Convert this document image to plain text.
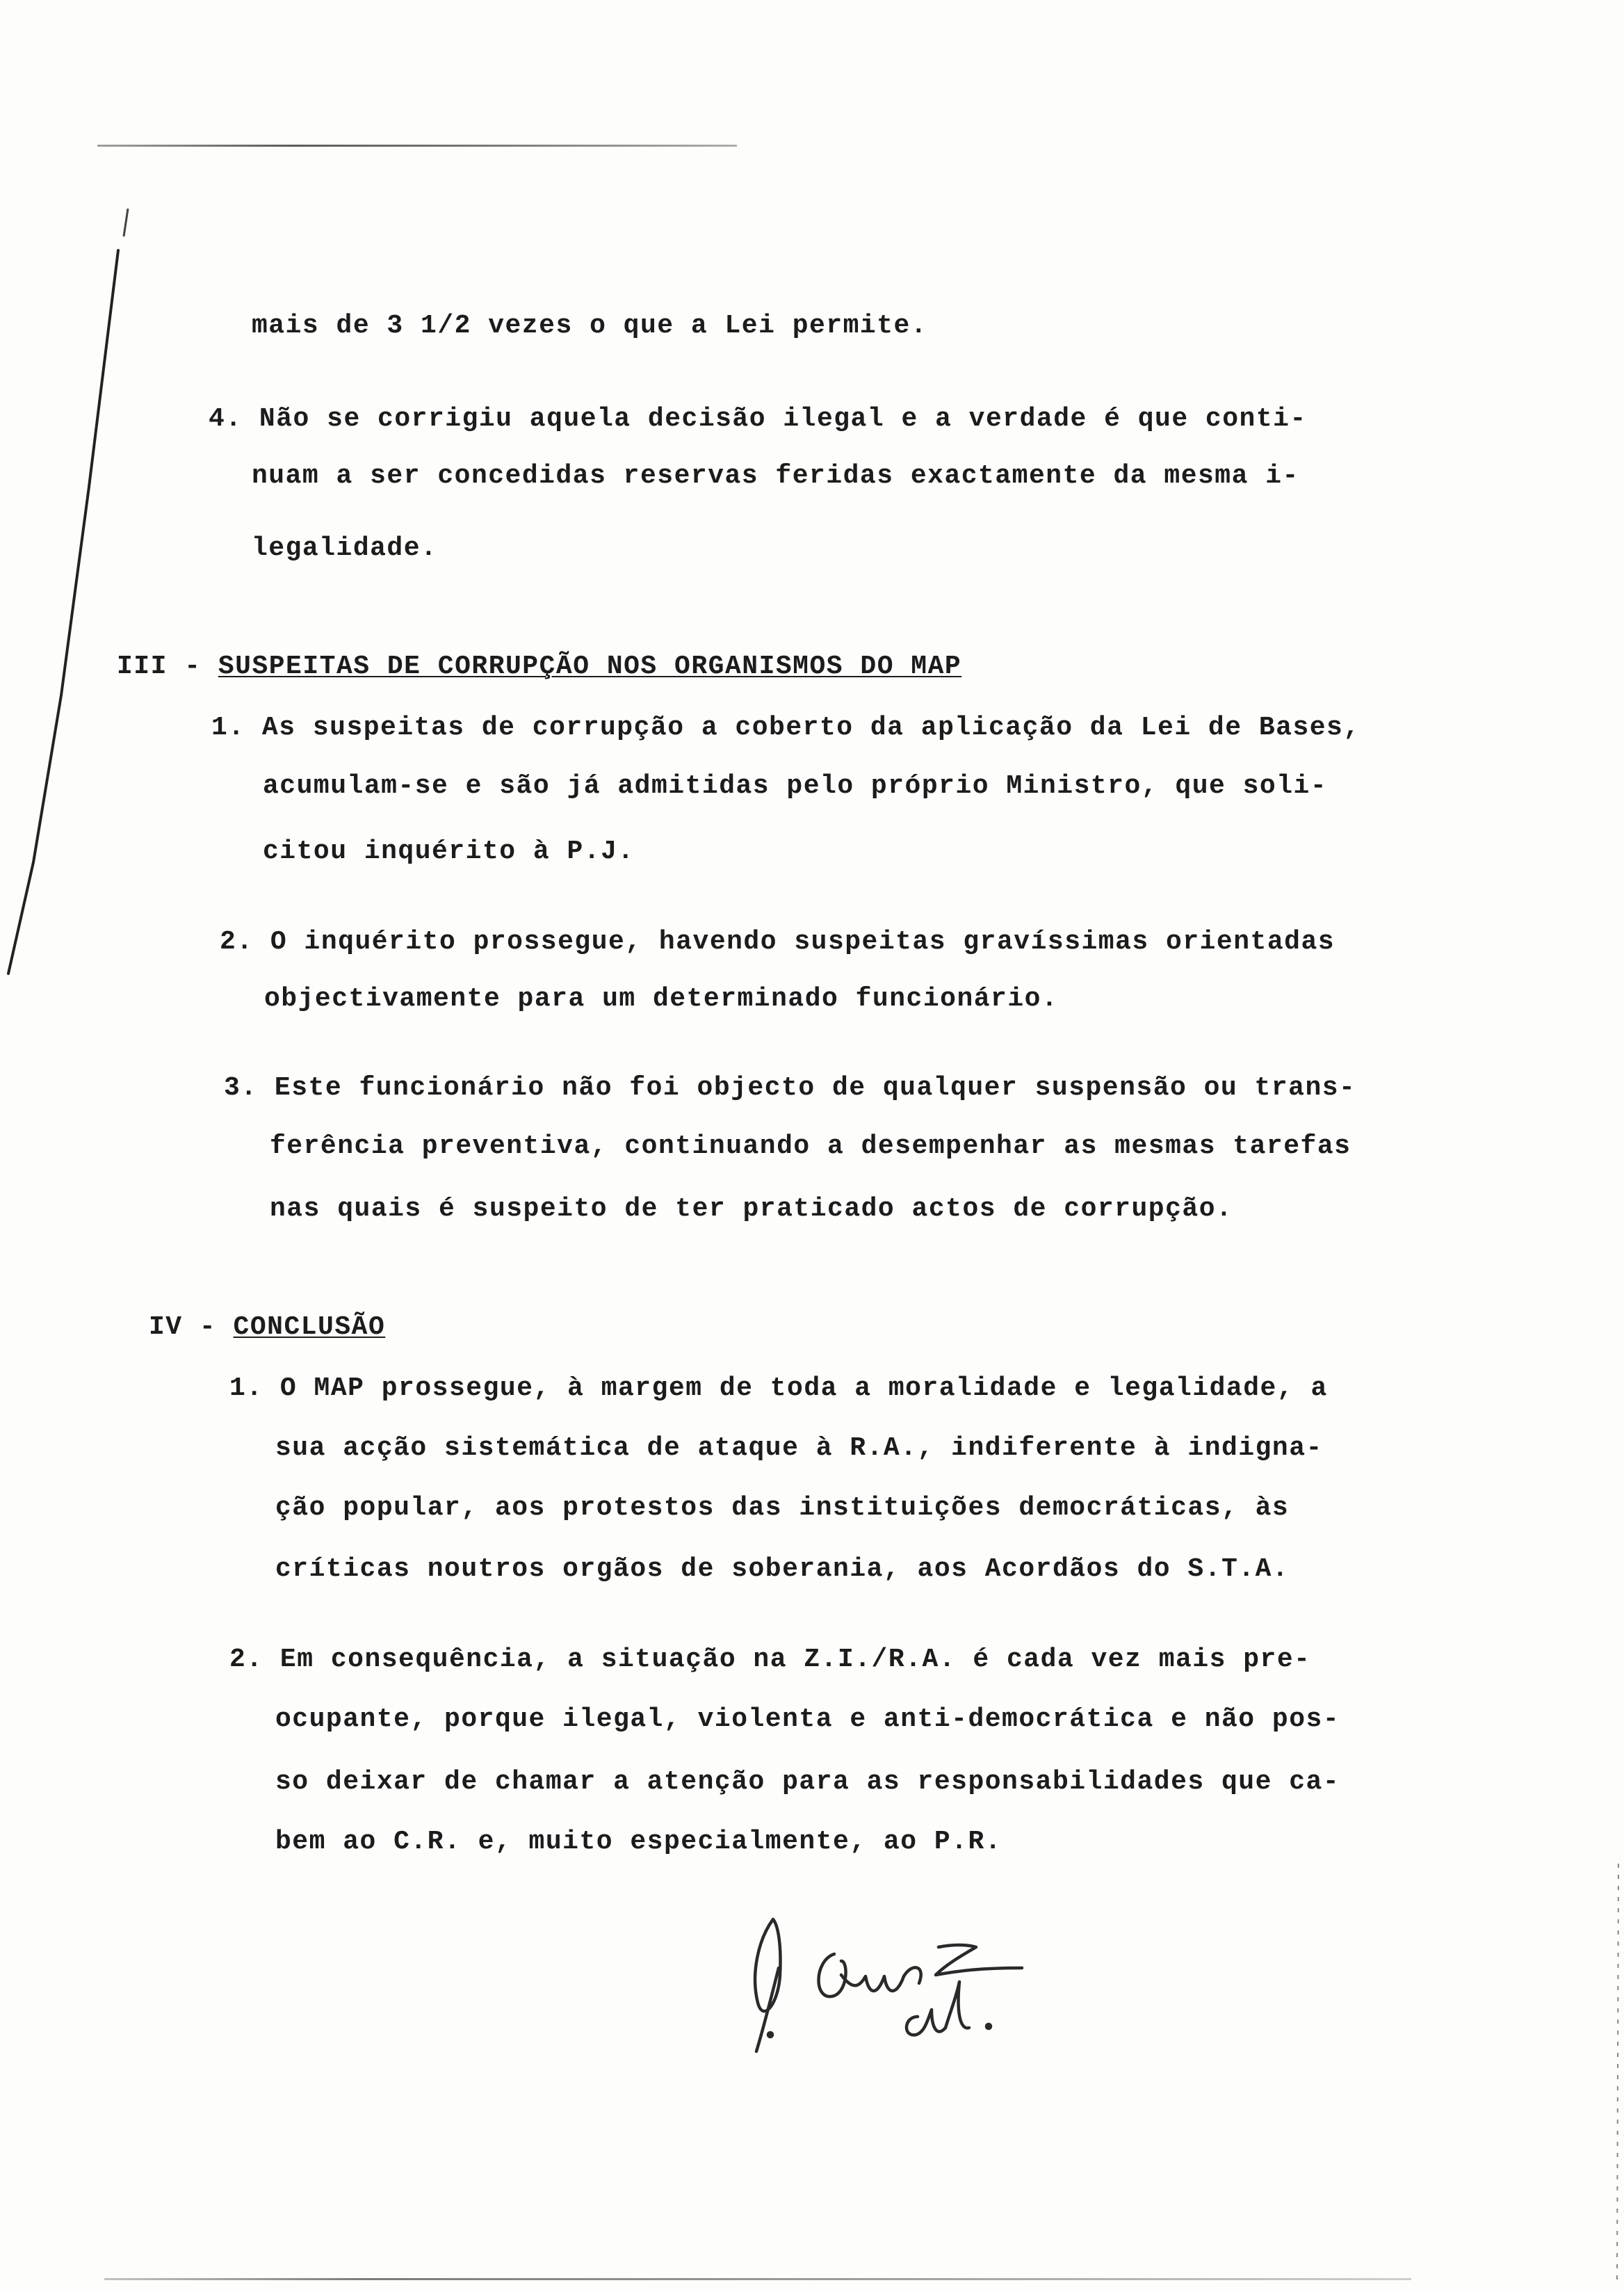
mais de 3 1/2 vezes o que a Lei permite.
4. Não se corrigiu aquela decisão ilegal e a verdade é que conti-
nuam a ser concedidas reservas feridas exactamente da mesma i-
legalidade.
III - SUSPEITAS DE CORRUPÇÃO NOS ORGANISMOS DO MAP
1. As suspeitas de corrupção a coberto da aplicação da Lei de Bases,
acumulam-se e são já admitidas pelo próprio Ministro, que soli-
citou inquérito à P.J.
2. O inquérito prossegue, havendo suspeitas gravíssimas orientadas
objectivamente para um determinado funcionário.
3. Este funcionário não foi objecto de qualquer suspensão ou trans-
ferência preventiva, continuando a desempenhar as mesmas tarefas
nas quais é suspeito de ter praticado actos de corrupção.
IV - CONCLUSÃO
1. O MAP prossegue, à margem de toda a moralidade e legalidade, a
sua acção sistemática de ataque à R.A., indiferente à indigna-
ção popular, aos protestos das instituições democráticas, às
críticas noutros orgãos de soberania, aos Acordãos do S.T.A.
2. Em consequência, a situação na Z.I./R.A. é cada vez mais pre-
ocupante, porque ilegal, violenta e anti-democrática e não pos-
so deixar de chamar a atenção para as responsabilidades que ca-
bem ao C.R. e, muito especialmente, ao P.R.
